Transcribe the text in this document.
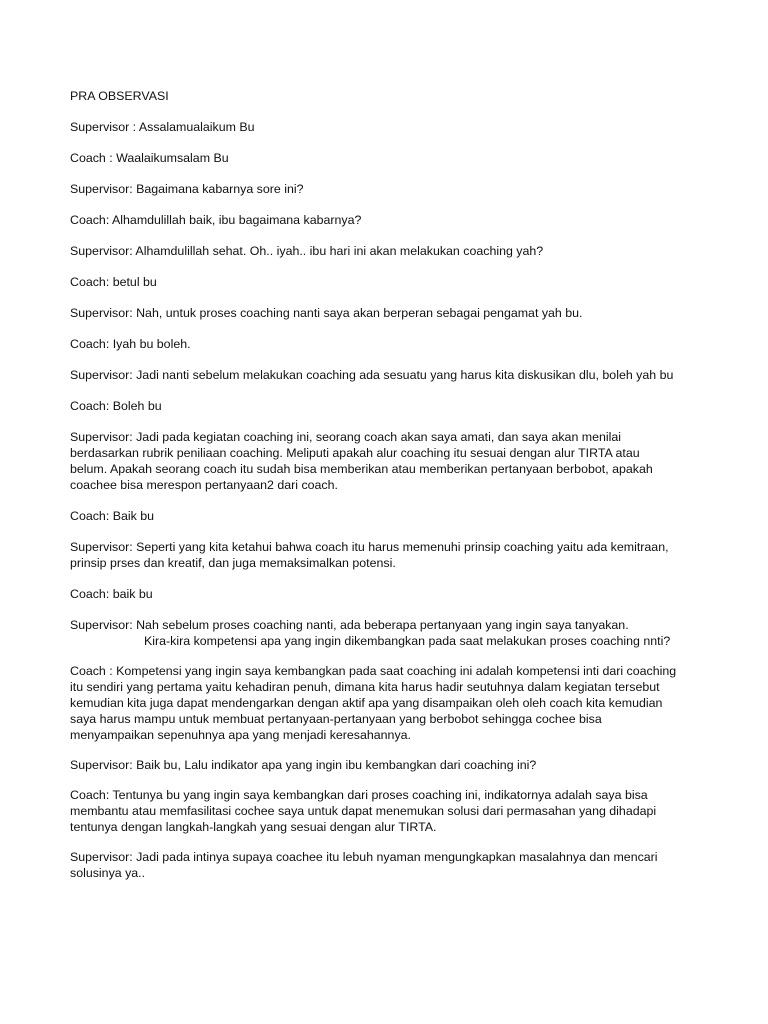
PRA OBSERVASI

Supervisor : Assalamualaikum Bu

Coach : Waalaikumsalam Bu

Supervisor: Bagaimana kabarnya sore ini?

Coach: Alhamdulillah baik, ibu bagaimana kabarnya?

Supervisor: Alhamdulillah sehat. Oh.. iyah.. ibu hari ini akan melakukan coaching yah?

Coach: betul bu

Supervisor: Nah, untuk proses coaching nanti saya akan berperan sebagai pengamat yah bu.

Coach: Iyah bu boleh.

Supervisor: Jadi nanti sebelum melakukan coaching ada sesuatu yang harus kita diskusikan dlu, boleh yah bu

Coach: Boleh bu

Supervisor: Jadi pada kegiatan coaching ini, seorang coach akan saya amati, dan saya akan menilai
berdasarkan rubrik peniliaan coaching. Meliputi apakah alur coaching itu sesuai dengan alur TIRTA atau
belum. Apakah seorang coach itu sudah bisa memberikan atau memberikan pertanyaan berbobot, apakah
coachee bisa merespon pertanyaan2 dari coach.

Coach: Baik bu

Supervisor: Seperti yang kita ketahui bahwa coach itu harus memenuhi prinsip coaching yaitu ada kemitraan,
prinsip prses dan kreatif, dan juga memaksimalkan potensi.

Coach: baik bu

Supervisor: Nah sebelum proses coaching nanti, ada beberapa pertanyaan yang ingin saya tanyakan.
Kira-kira kompetensi apa yang ingin dikembangkan pada saat melakukan proses coaching nnti?

Coach : Kompetensi yang ingin saya kembangkan pada saat coaching ini adalah kompetensi inti dari coaching
itu sendiri yang pertama yaitu kehadiran penuh, dimana kita harus hadir seutuhnya dalam kegiatan tersebut
kemudian kita juga dapat mendengarkan dengan aktif apa yang disampaikan oleh oleh coach kita kemudian
saya harus mampu untuk membuat pertanyaan-pertanyaan yang berbobot sehingga cochee bisa
menyampaikan sepenuhnya apa yang menjadi keresahannya.

Supervisor: Baik bu, Lalu indikator apa yang ingin ibu kembangkan dari coaching ini?

Coach: Tentunya bu yang ingin saya kembangkan dari proses coaching ini, indikatornya adalah saya bisa
membantu atau memfasilitasi cochee saya untuk dapat menemukan solusi dari permasahan yang dihadapi
tentunya dengan langkah-langkah yang sesuai dengan alur TIRTA.

Supervisor: Jadi pada intinya supaya coachee itu lebuh nyaman mengungkapkan masalahnya dan mencari
solusinya ya..
